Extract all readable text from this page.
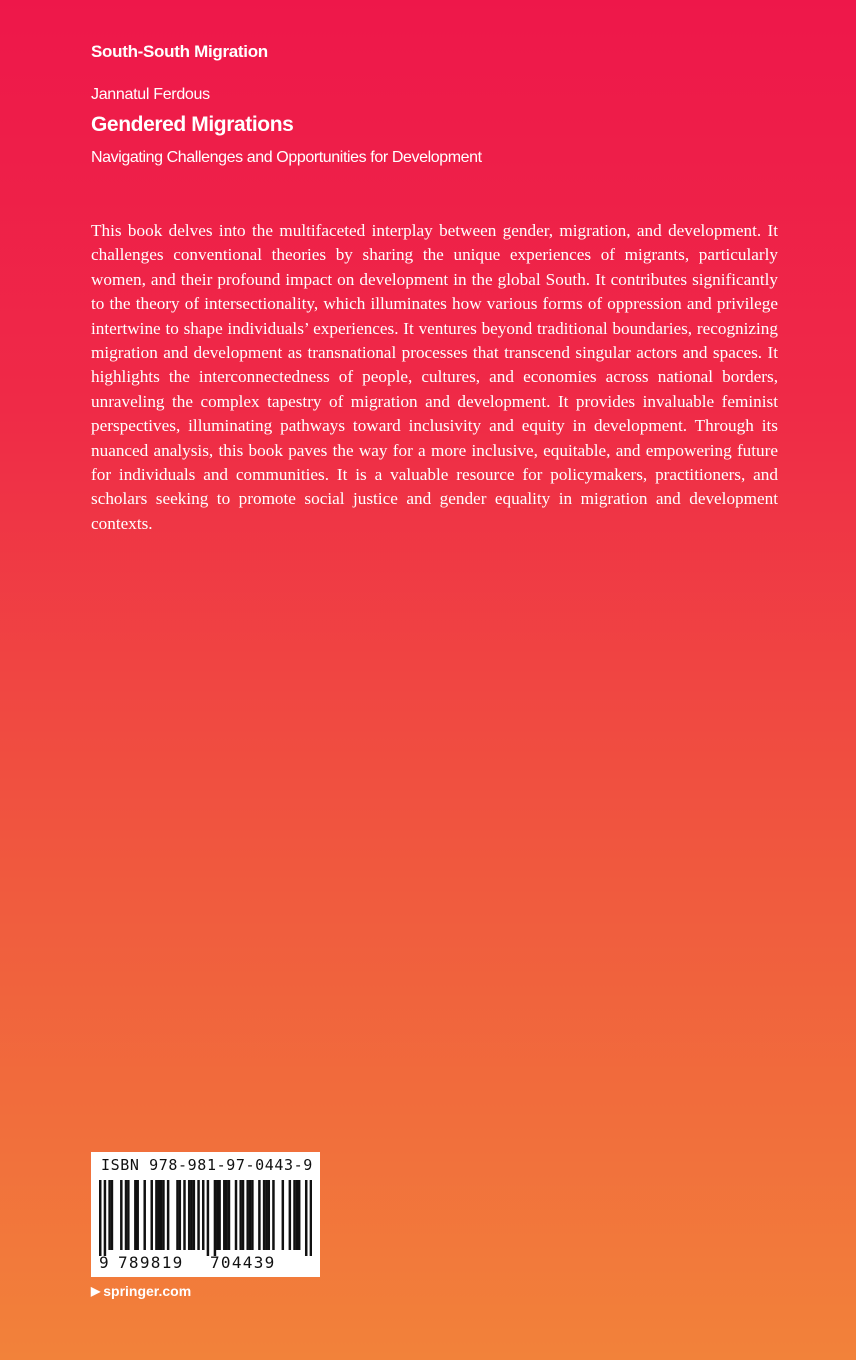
South-South Migration
Jannatul Ferdous
Gendered Migrations
Navigating Challenges and Opportunities for Development

This book delves into the multifaceted interplay between gender, migration, and development. It challenges conventional theories by sharing the unique experiences of migrants, particularly women, and their profound impact on development in the global South. It contributes significantly to the theory of intersectionality, which illuminates how various forms of oppression and privilege intertwine to shape individuals’ experiences. It ventures beyond traditional boundaries, recognizing migration and development as transnational processes that transcend singular actors and spaces. It highlights the interconnectedness of people, cultures, and economies across national borders, unraveling the complex tapestry of migration and development. It provides invaluable feminist perspectives, illuminating pathways toward inclusivity and equity in development. Through its nuanced analysis, this book paves the way for a more inclusive, equitable, and empowering future for individuals and communities. It is a valuable resource for policymakers, practitioners, and scholars seeking to promote social justice and gender equality in migration and development contexts.

ISBN 978-981-97-0443-9
9 789819 704439
▶ springer.com
